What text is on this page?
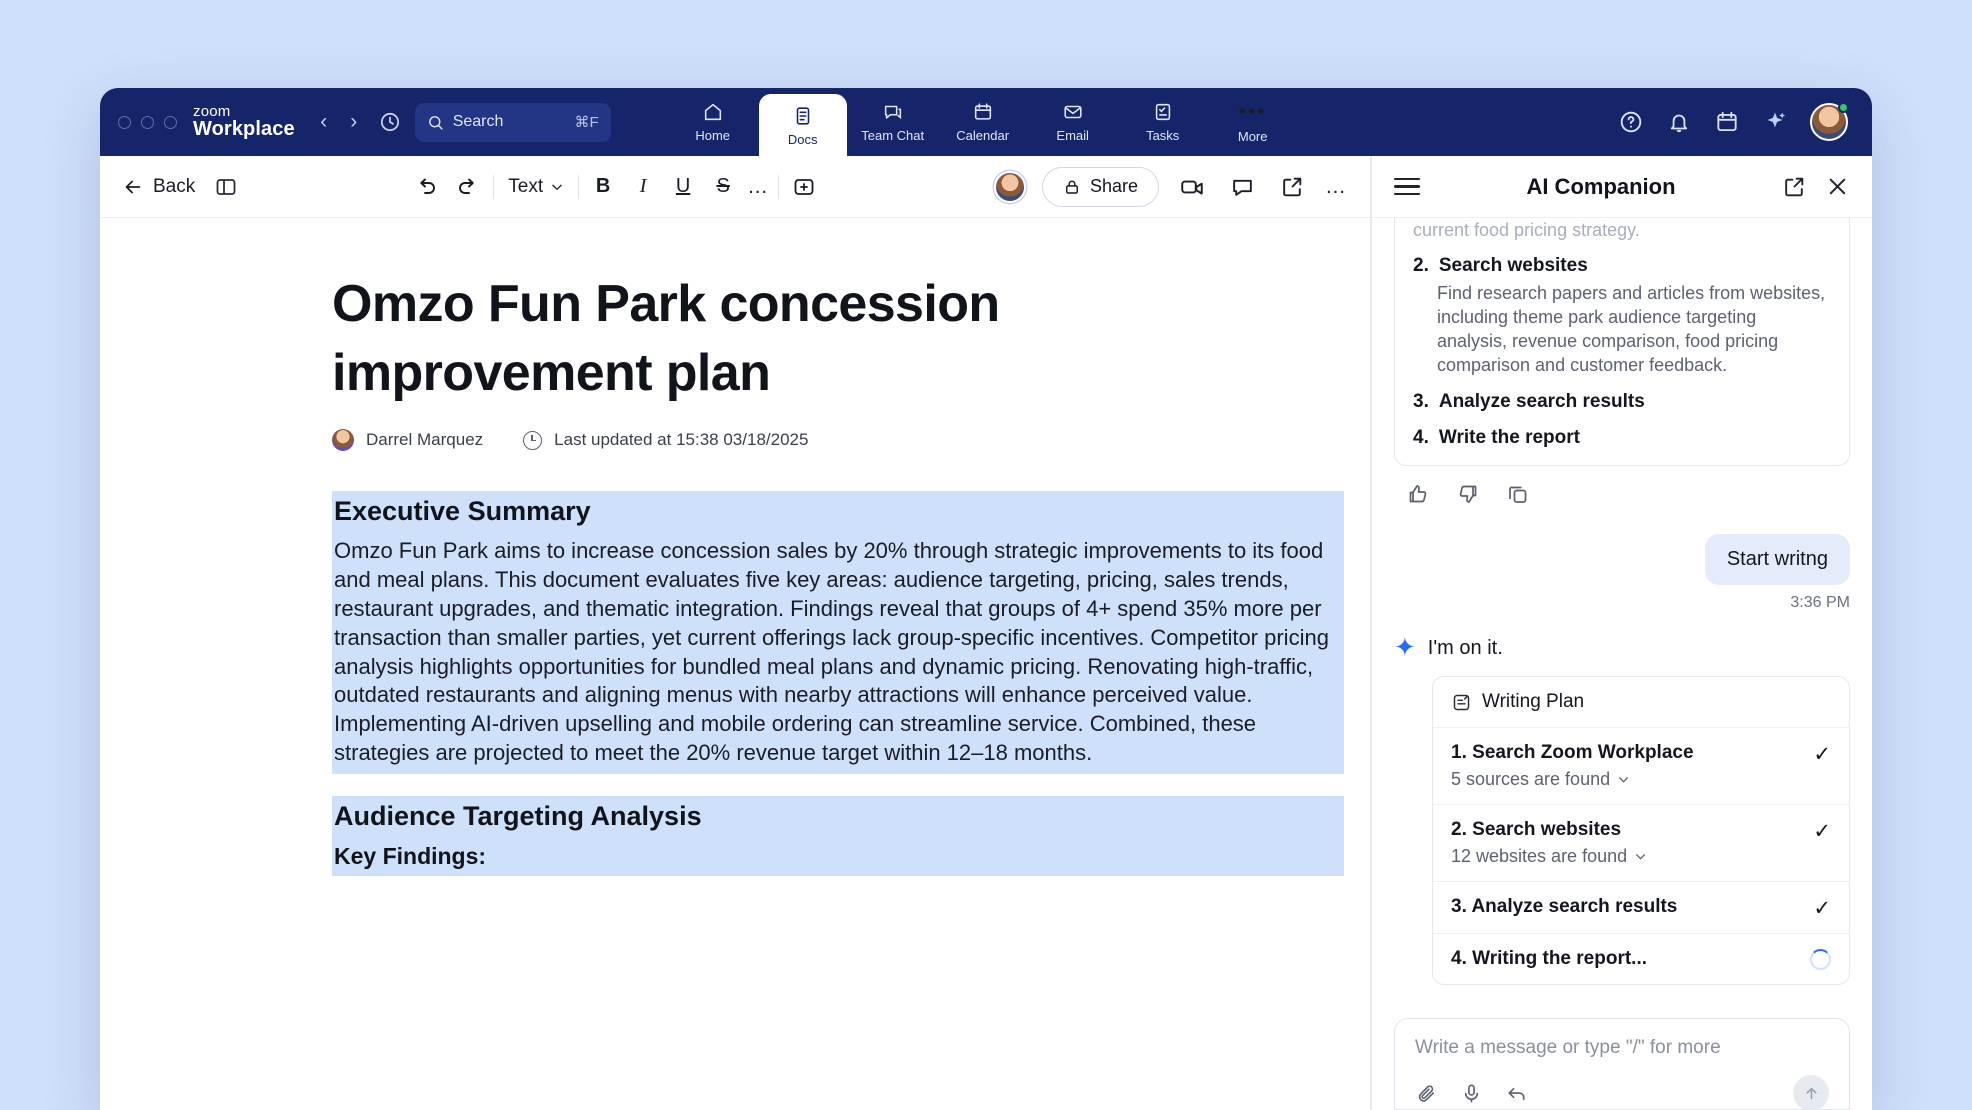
zoom
Workplace	‹	›	Search	⌘F
Home	Docs	Team Chat Calendar	Email	Tasks
•••
More
Back	Text	B	I	U	S …	Share	…
Omzo Fun Park concession improvement plan
Darrel Marquez	Last updated at 15:38 03/18/2025
Executive Summary

Omzo Fun Park aims to increase concession sales by 20% through strategic improvements to its food and meal plans. This document evaluates five key areas: audience targeting, pricing, sales trends, restaurant upgrades, and thematic integration. Findings reveal that groups of 4+ spend 35% more per transaction than smaller parties, yet current offerings lack group-specific incentives. Competitor pricing analysis highlights opportunities for bundled meal plans and dynamic pricing. Renovating high-traffic, outdated restaurants and aligning menus with nearby attractions will enhance perceived value. Implementing AI-driven upselling and mobile ordering can streamline service. Combined, these strategies are projected to meet the 20% revenue target within 12–18 months.

Audience Targeting Analysis
Key Findings:
AI Companion
current food pricing strategy.
2. Search websites
Find research papers and articles from websites, including theme park audience targeting analysis, revenue comparison, food pricing comparison and customer feedback.
3. Analyze search results
4. Write the report
Start writng
3:36 PM
✦ I'm on it.
Writing Plan
1. Search Zoom Workplace
5 sources are found
✓
2. Search websites
12 websites are found
✓
3. Analyze search results	✓
4. Writing the report...
Write a message or type "/" for more
